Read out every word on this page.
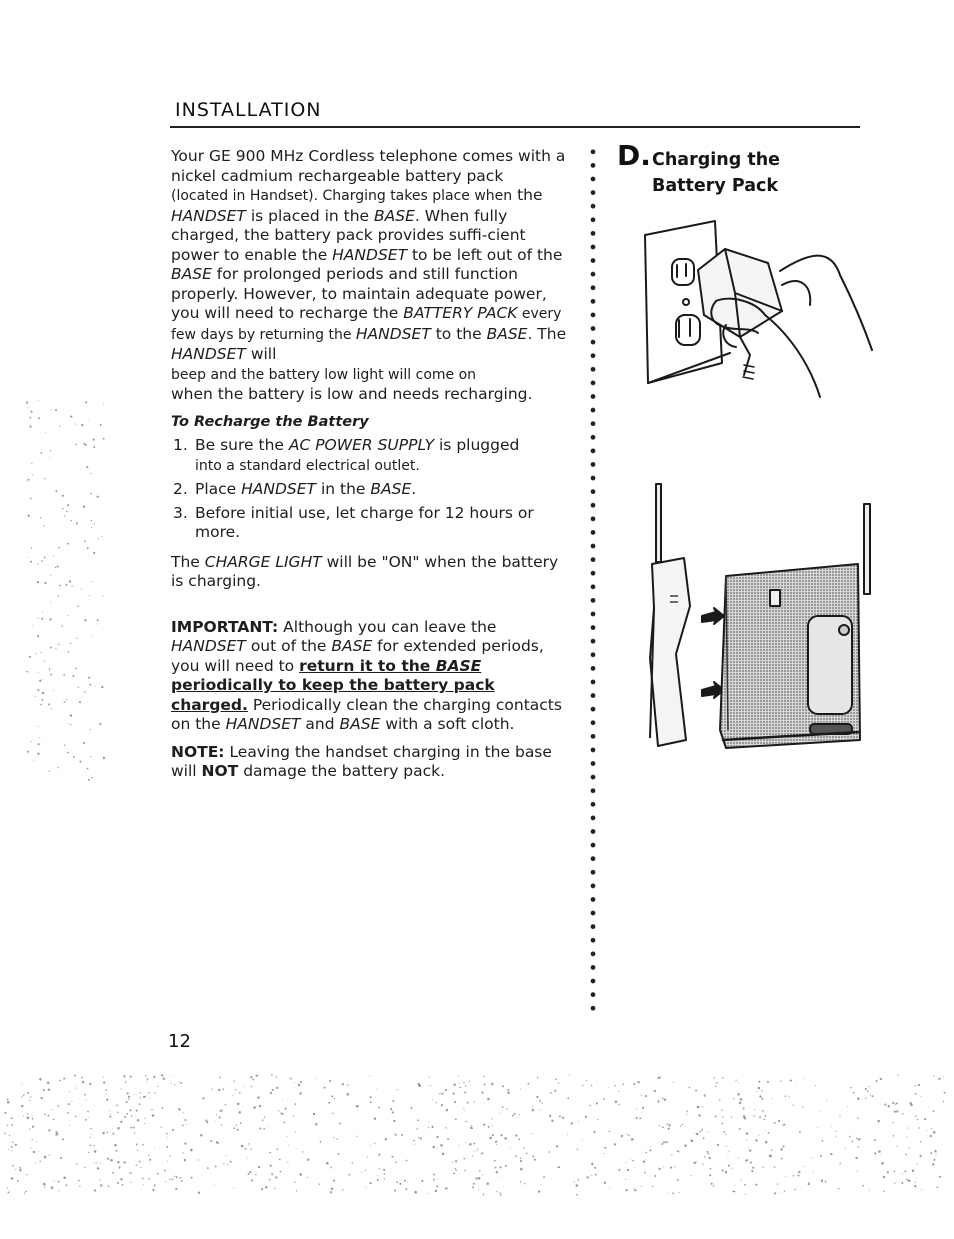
INSTALLATION

Your GE 900 MHz Cordless telephone comes with a nickel cadmium rechargeable battery pack
(located in Handset). Charging takes place when the HANDSET is placed in the BASE. When fully charged, the battery pack provides suffi-cient power to enable the HANDSET to be left out of the BASE for prolonged periods and still function properly. However, to maintain adequate power, you will need to recharge the BATTERY PACK every few days by returning the HANDSET to the BASE. The HANDSET will
beep and the battery low light will come on
when the battery is low and needs recharging.

To Recharge the Battery
1. Be sure the AC POWER SUPPLY is plugged
into a standard electrical outlet.
2. Place HANDSET in the BASE.
3. Before initial use, let charge for 12 hours or more.

The CHARGE LIGHT will be "ON" when the battery is charging.

IMPORTANT: Although you can leave the HANDSET out of the BASE for extended periods, you will need to return it to the BASE periodically to keep the battery pack charged. Periodically clean the charging contacts on the HANDSET and BASE with a soft cloth.

NOTE: Leaving the handset charging in the base will NOT damage the battery pack.

D. Charging the
Battery Pack
12
